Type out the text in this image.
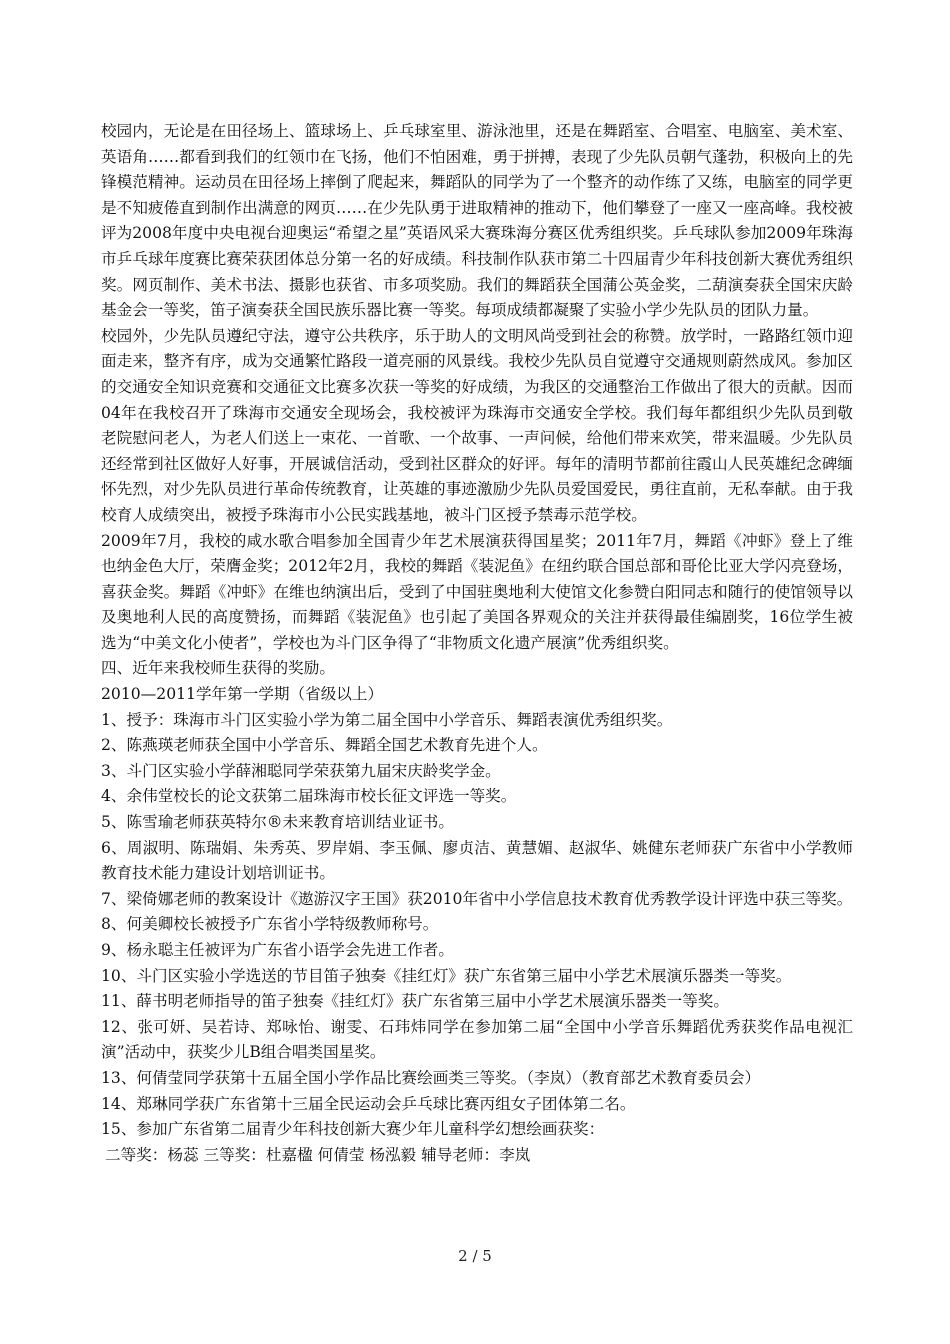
校园内，无论是在田径场上、篮球场上、乒乓球室里、游泳池里，还是在舞蹈室、合唱室、电脑室、美术室、英语角……都看到我们的红领巾在飞扬，他们不怕困难，勇于拼搏，表现了少先队员朝气蓬勃，积极向上的先锋模范精神。运动员在田径场上摔倒了爬起来，舞蹈队的同学为了一个整齐的动作练了又练，电脑室的同学更是不知疲倦直到制作出满意的网页……在少先队勇于进取精神的推动下，他们攀登了一座又一座高峰。我校被评为2008年度中央电视台迎奥运“希望之星”英语风采大赛珠海分赛区优秀组织奖。乒乓球队参加2009年珠海市乒乓球年度赛比赛荣获团体总分第一名的好成绩。科技制作队获市第二十四届青少年科技创新大赛优秀组织奖。网页制作、美术书法、摄影也获省、市多项奖励。我们的舞蹈获全国蒲公英金奖，二葫演奏获全国宋庆龄基金会一等奖，笛子演奏获全国民族乐器比赛一等奖。每项成绩都凝聚了实验小学少先队员的团队力量。

校园外，少先队员遵纪守法，遵守公共秩序，乐于助人的文明风尚受到社会的称赞。放学时，一路路红领巾迎面走来，整齐有序，成为交通繁忙路段一道亮丽的风景线。我校少先队员自觉遵守交通规则蔚然成风。参加区的交通安全知识竞赛和交通征文比赛多次获一等奖的好成绩，为我区的交通整治工作做出了很大的贡献。因而04年在我校召开了珠海市交通安全现场会，我校被评为珠海市交通安全学校。我们每年都组织少先队员到敬老院慰问老人，为老人们送上一束花、一首歌、一个故事、一声问候，给他们带来欢笑，带来温暖。少先队员还经常到社区做好人好事，开展诚信活动，受到社区群众的好评。每年的清明节都前往霞山人民英雄纪念碑缅怀先烈，对少先队员进行革命传统教育，让英雄的事迹激励少先队员爱国爱民，勇往直前，无私奉献。由于我校育人成绩突出，被授予珠海市小公民实践基地，被斗门区授予禁毒示范学校。

2009年7月，我校的咸水歌合唱参加全国青少年艺术展演获得国星奖；2011年7月，舞蹈《冲虾》登上了维也纳金色大厅，荣膺金奖；2012年2月，我校的舞蹈《装泥鱼》在纽约联合国总部和哥伦比亚大学闪亮登场，喜获金奖。舞蹈《冲虾》在维也纳演出后，受到了中国驻奥地利大使馆文化参赞白阳同志和随行的使馆领导以及奥地利人民的高度赞扬，而舞蹈《装泥鱼》也引起了美国各界观众的关注并获得最佳编剧奖，16位学生被选为“中美文化小使者”，学校也为斗门区争得了“非物质文化遗产展演”优秀组织奖。

四、近年来我校师生获得的奖励。

2010—2011学年第一学期（省级以上）

1、授予：珠海市斗门区实验小学为第二届全国中小学音乐、舞蹈表演优秀组织奖。

2、陈燕瑛老师获全国中小学音乐、舞蹈全国艺术教育先进个人。

3、斗门区实验小学薛湘聪同学荣获第九届宋庆龄奖学金。

4、余伟堂校长的论文获第二届珠海市校长征文评选一等奖。

5、陈雪瑜老师获英特尔®未来教育培训结业证书。

6、周淑明、陈瑞娟、朱秀英、罗岸娟、李玉佩、廖贞洁、黄慧媚、赵淑华、姚健东老师获广东省中小学教师教育技术能力建设计划培训证书。

7、梁倚娜老师的教案设计《遨游汉字王国》获2010年省中小学信息技术教育优秀教学设计评选中获三等奖。

8、何美卿校长被授予广东省小学特级教师称号。

9、杨永聪主任被评为广东省小语学会先进工作者。

10、斗门区实验小学选送的节目笛子独奏《挂红灯》获广东省第三届中小学艺术展演乐器类一等奖。

11、薛书明老师指导的笛子独奏《挂红灯》获广东省第三届中小学艺术展演乐器类一等奖。

12、张可妍、吴若诗、郑咏怡、谢雯、石玮炜同学在参加第二届“全国中小学音乐舞蹈优秀获奖作品电视汇演”活动中，获奖少儿B组合唱类国星奖。

13、何倩莹同学获第十五届全国小学作品比赛绘画类三等奖。（李岚）（教育部艺术教育委员会）

14、郑琳同学获广东省第十三届全民运动会乒乓球比赛丙组女子团体第二名。

15、参加广东省第二届青少年科技创新大赛少年儿童科学幻想绘画获奖：

二等奖：杨蕊 三等奖：杜嘉楹 何倩莹 杨泓毅 辅导老师：李岚

2 / 5
